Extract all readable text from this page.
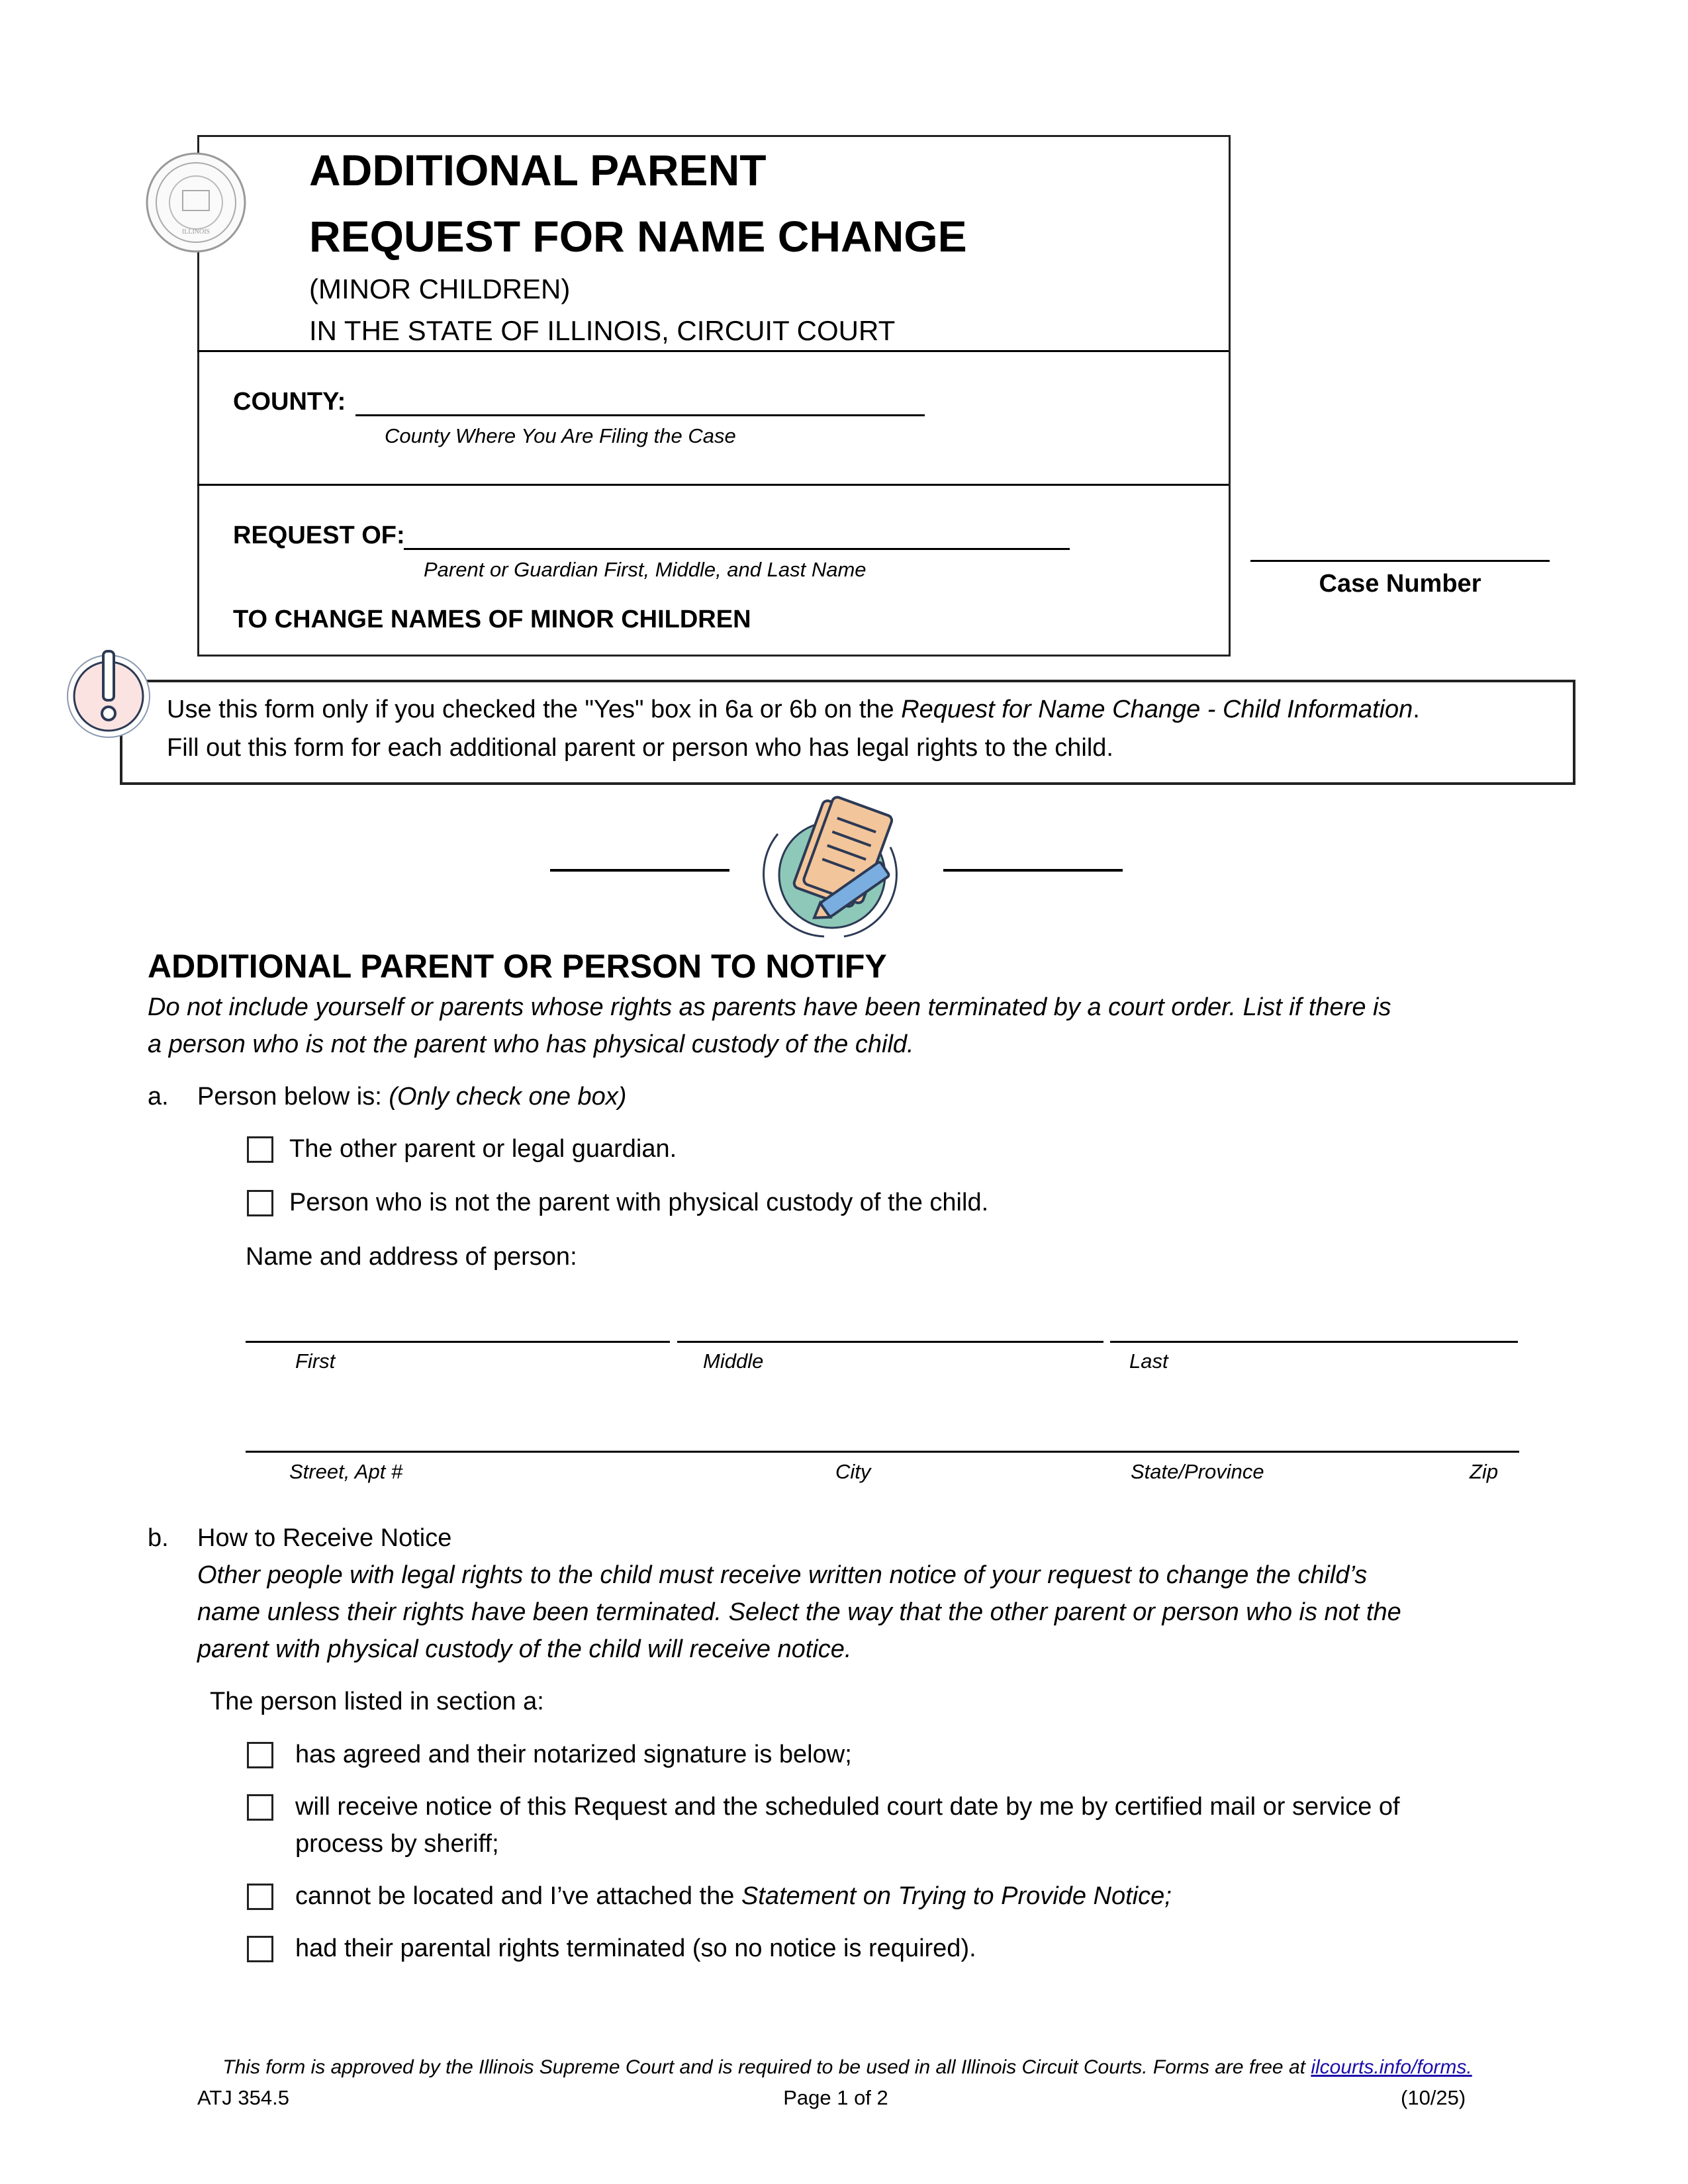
ILLINOIS
ADDITIONAL PARENT
REQUEST FOR NAME CHANGE
(MINOR CHILDREN)
IN THE STATE OF ILLINOIS, CIRCUIT COURT
COUNTY:
County Where You Are Filing the Case
REQUEST OF:
Parent or Guardian First, Middle, and Last Name
TO CHANGE NAMES OF MINOR CHILDREN
Case Number
Use this form only if you checked the "Yes" box in 6a or 6b on the Request for Name Change - Child Information.
Fill out this form for each additional parent or person who has legal rights to the child.
ADDITIONAL PARENT OR PERSON TO NOTIFY
Do not include yourself or parents whose rights as parents have been terminated by a court order. List if there is
a person who is not the parent who has physical custody of the child.
a. Person below is: (Only check one box)
The other parent or legal guardian.
Person who is not the parent with physical custody of the child.
Name and address of person:
First	Middle	Last
Street, Apt #	City	State/Province	Zip
b. How to Receive Notice
Other people with legal rights to the child must receive written notice of your request to change the child’s
name unless their rights have been terminated. Select the way that the other parent or person who is not the
parent with physical custody of the child will receive notice.
The person listed in section a:
has agreed and their notarized signature is below;
will receive notice of this Request and the scheduled court date by me by certified mail or service of
process by sheriff;
cannot be located and I’ve attached the Statement on Trying to Provide Notice;
had their parental rights terminated (so no notice is required).
This form is approved by the Illinois Supreme Court and is required to be used in all Illinois Circuit Courts. Forms are free at ilcourts.info/forms.
ATJ 354.5	Page 1 of 2	(10/25)
